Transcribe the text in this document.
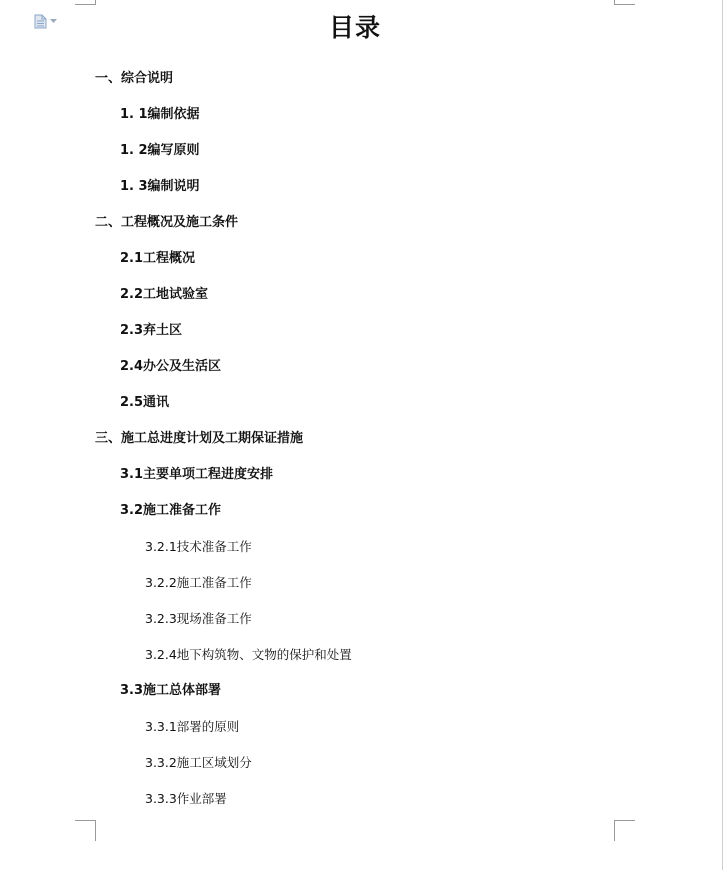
目录
一、综合说明
1. 1编制依据
1. 2编写原则
1. 3编制说明
二、工程概况及施工条件
2.1工程概况
2.2工地试验室
2.3弃土区
2.4办公及生活区
2.5通讯
三、施工总进度计划及工期保证措施
3.1主要单项工程进度安排
3.2施工准备工作
3.2.1技术准备工作
3.2.2施工准备工作
3.2.3现场准备工作
3.2.4地下构筑物、文物的保护和处置
3.3施工总体部署
3.3.1部署的原则
3.3.2施工区域划分
3.3.3作业部署
